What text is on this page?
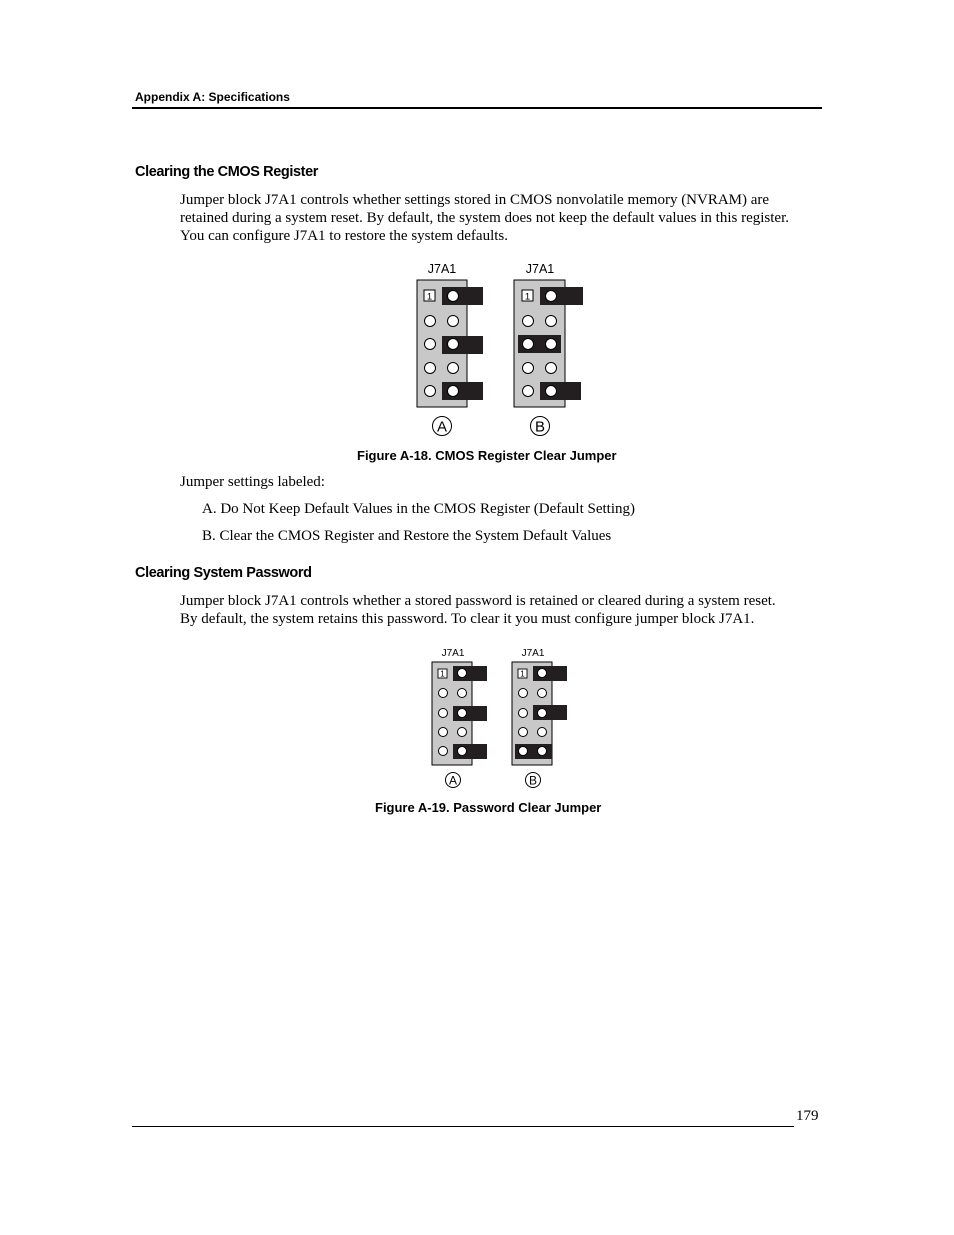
Appendix A: Specifications
Clearing the CMOS Register
Jumper block J7A1 controls whether settings stored in CMOS nonvolatile memory (NVRAM) are
retained during a system reset. By default, the system does not keep the default values in this register.
You can configure J7A1 to restore the system defaults.
J7A1
1
A
J7A1
1
B
Figure A-18. CMOS Register Clear Jumper
Jumper settings labeled:
A. Do Not Keep Default Values in the CMOS Register (Default Setting)
B. Clear the CMOS Register and Restore the System Default Values
Clearing System Password
Jumper block J7A1 controls whether a stored password is retained or cleared during a system reset.
By default, the system retains this password. To clear it you must configure jumper block J7A1.
J7A1
1
A
J7A1
1
B
Figure A-19. Password Clear Jumper
179
